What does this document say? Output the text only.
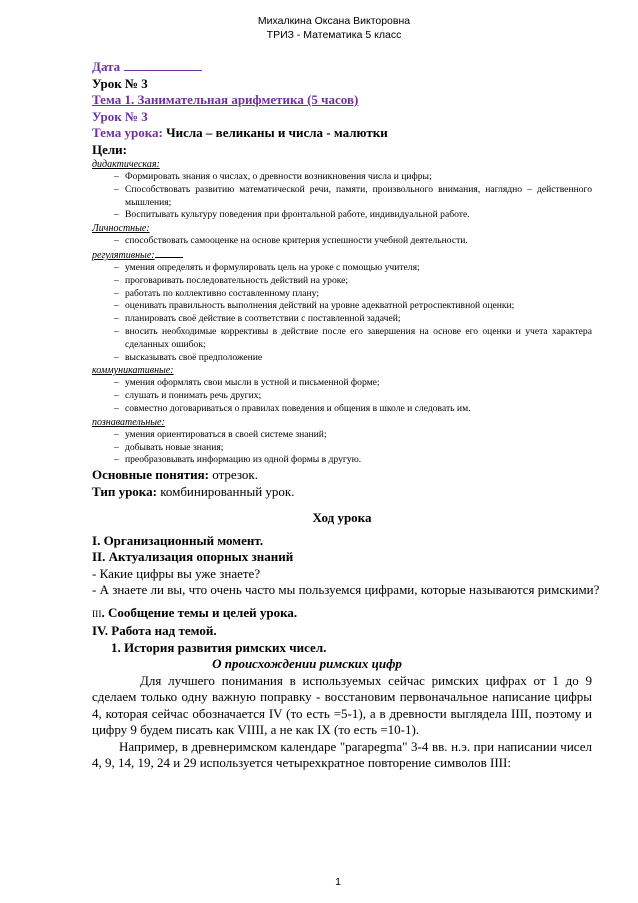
Михалкина Оксана Викторовна
ТРИЗ - Математика 5 класс
Дата
Урок № 3
Тема 1. Занимательная арифметика (5 часов)
Урок № 3
Тема урока: Числа – великаны и числа - малютки
Цели:
дидактическая:
– Формировать знания о числах, о древности возникновения числа и цифры;
– Способствовать развитию математической речи, памяти, произвольного внимания, наглядно – действенного мышления;
– Воспитывать культуру поведения при фронтальной работе, индивидуальной работе.
Личностные:
– способствовать самооценке на основе критерия успешности учебной деятельности.
регулятивные:
– умения определять и формулировать цель на уроке с помощью учителя;
– проговаривать последовательность действий на уроке;
– работать по коллективно составленному плану;
– оценивать правильность выполнения действий на уровне адекватной ретроспективной оценки;
– планировать своё действие в соответствии с поставленной задачей;
– вносить необходимые коррективы в действие после его завершения на основе его оценки и учета характера сделанных ошибок;
– высказывать своё предположение
коммуникативные:
– умения оформлять свои мысли в устной и письменной форме;
– слушать и понимать речь других;
– совместно договариваться о правилах поведения и общения в школе и следовать им.
познавательные:
– умения ориентироваться в своей системе знаний;
– добывать новые знания;
– преобразовывать информацию из одной формы в другую.
Основные понятия: отрезок.
Тип урока: комбинированный урок.
Ход урока
I. Организационный момент.
II. Актуализация опорных знаний
- Какие цифры вы уже знаете?
- А знаете ли вы, что очень часто мы пользуемся цифрами, которые называются римскими?
III. Сообщение темы и целей урока.
IV. Работа над темой.
1. История развития римских чисел.
О происхождении римских цифр
Для лучшего понимания в используемых сейчас римских цифрах от 1 до 9 сделаем только одну важную поправку - восстановим первоначальное написание цифры 4, которая сейчас обозначается IV (то есть =5-1), а в древности выглядела IIII, поэтому и цифру 9 будем писать как VIIII, а не как IX (то есть =10-1).
Например, в древнеримском календаре "parapegma" 3-4 вв. н.э. при написании чисел 4, 9, 14, 19, 24 и 29 используется четырехкратное повторение символов IIII:
1
